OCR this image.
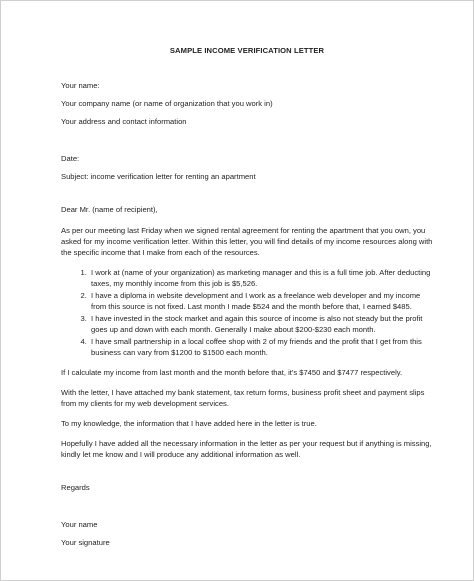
SAMPLE INCOME VERIFICATION LETTER

Your name:

Your company name (or name of organization that you work in)

Your address and contact information

Date:

Subject: income verification letter for renting an apartment

Dear Mr. (name of recipient),

As per our meeting last Friday when we signed rental agreement for renting the apartment that you own, you asked for my income verification letter. Within this letter, you will find details of my income resources along with the specific income that I make from each of the resources.

1. I work at (name of your organization) as marketing manager and this is a full time job. After deducting taxes, my monthly income from this job is $5,526.
2. I have a diploma in website development and I work as a freelance web developer and my income from this source is not fixed. Last month I made $524 and the month before that, I earned $485.
3. I have invested in the stock market and again this source of income is also not steady but the profit goes up and down with each month. Generally I make about $200-$230 each month.
4. I have small partnership in a local coffee shop with 2 of my friends and the profit that I get from this business can vary from $1200 to $1500 each month.

If I calculate my income from last month and the month before that, it's $7450 and $7477 respectively.

With the letter, I have attached my bank statement, tax return forms, business profit sheet and payment slips from my clients for my web development services.

To my knowledge, the information that I have added here in the letter is true.

Hopefully I have added all the necessary information in the letter as per your request but if anything is missing, kindly let me know and I will produce any additional information as well.

Regards

Your name

Your signature
